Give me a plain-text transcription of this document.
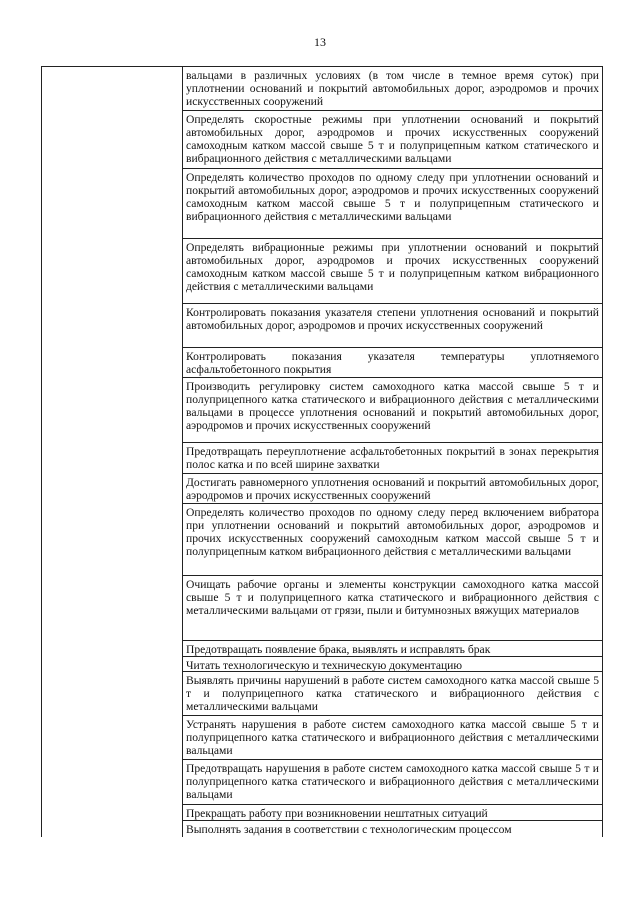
13
вальцами в различных условиях (в том числе в темное время суток) при уплотнении оснований и покрытий автомобильных дорог, аэродромов и прочих искусственных сооружений
Определять скоростные режимы при уплотнении оснований и покрытий автомобильных дорог, аэродромов и прочих искусственных сооружений самоходным катком массой свыше 5 т и полуприцепным катком статического и вибрационного действия с металлическими вальцами
Определять количество проходов по одному следу при уплотнении оснований и покрытий автомобильных дорог, аэродромов и прочих искусственных сооружений самоходным катком массой свыше 5 т и полуприцепным статического и вибрационного действия с металлическими вальцами
Определять вибрационные режимы при уплотнении оснований и покрытий автомобильных дорог, аэродромов и прочих искусственных сооружений самоходным катком массой свыше 5 т и полуприцепным катком вибрационного действия с металлическими вальцами
Контролировать показания указателя степени уплотнения оснований и покрытий автомобильных дорог, аэродромов и прочих искусственных сооружений
Контролировать показания указателя температуры уплотняемого асфальтобетонного покрытия
Производить регулировку систем самоходного катка массой свыше 5 т и полуприцепного катка статического и вибрационного действия с металлическими вальцами в процессе уплотнения оснований и покрытий автомобильных дорог, аэродромов и прочих искусственных сооружений
Предотвращать переуплотнение асфальтобетонных покрытий в зонах перекрытия полос катка и по всей ширине захватки
Достигать равномерного уплотнения оснований и покрытий автомобильных дорог, аэродромов и прочих искусственных сооружений
Определять количество проходов по одному следу перед включением вибратора при уплотнении оснований и покрытий автомобильных дорог, аэродромов и прочих искусственных сооружений самоходным катком массой свыше 5 т и полуприцепным катком вибрационного действия с металлическими вальцами
Очищать рабочие органы и элементы конструкции самоходного катка массой свыше 5 т и полуприцепного катка статического и вибрационного действия с металлическими вальцами от грязи, пыли и битумнозных вяжущих материалов
Предотвращать появление брака, выявлять и исправлять брак
Читать технологическую и техническую документацию
Выявлять причины нарушений в работе систем самоходного катка массой свыше 5 т и полуприцепного катка статического и вибрационного действия с металлическими вальцами
Устранять нарушения в работе систем самоходного катка массой свыше 5 т и полуприцепного катка статического и вибрационного действия с металлическими вальцами
Предотвращать нарушения в работе систем самоходного катка массой свыше 5 т и полуприцепного катка статического и вибрационного действия с металлическими вальцами
Прекращать работу при возникновении нештатных ситуаций
Выполнять задания в соответствии с технологическим процессом
